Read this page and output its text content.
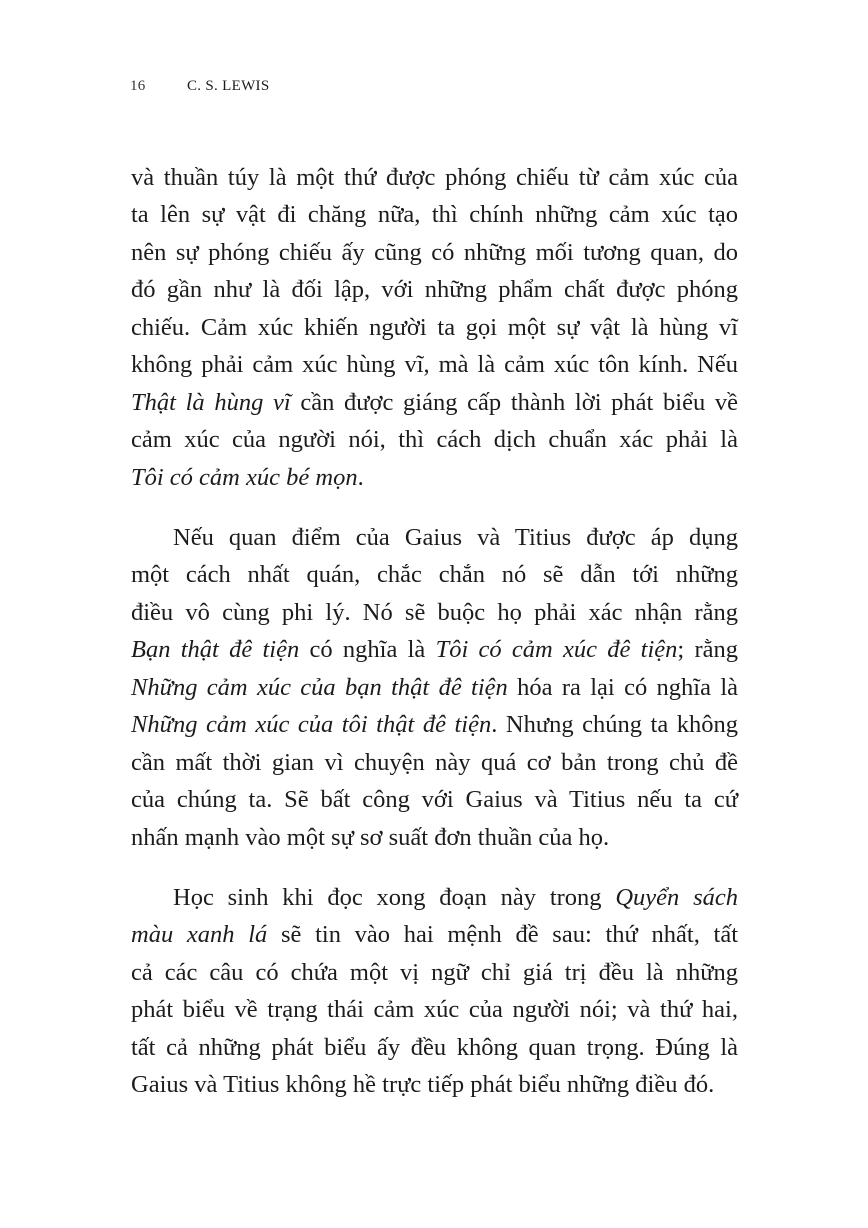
16	C. S. LEWIS
và thuần túy là một thứ được phóng chiếu từ cảm xúc của
ta lên sự vật đi chăng nữa, thì chính những cảm xúc tạo
nên sự phóng chiếu ấy cũng có những mối tương quan, do
đó gần như là đối lập, với những phẩm chất được phóng
chiếu. Cảm xúc khiến người ta gọi một sự vật là hùng vĩ
không phải cảm xúc hùng vĩ, mà là cảm xúc tôn kính. Nếu
Thật là hùng vĩ cần được giáng cấp thành lời phát biểu về
cảm xúc của người nói, thì cách dịch chuẩn xác phải là
Tôi có cảm xúc bé mọn.
Nếu quan điểm của Gaius và Titius được áp dụng
một cách nhất quán, chắc chắn nó sẽ dẫn tới những
điều vô cùng phi lý. Nó sẽ buộc họ phải xác nhận rằng
Bạn thật đê tiện có nghĩa là Tôi có cảm xúc đê tiện; rằng
Những cảm xúc của bạn thật đê tiện hóa ra lại có nghĩa là
Những cảm xúc của tôi thật đê tiện. Nhưng chúng ta không
cần mất thời gian vì chuyện này quá cơ bản trong chủ đề
của chúng ta. Sẽ bất công với Gaius và Titius nếu ta cứ
nhấn mạnh vào một sự sơ suất đơn thuần của họ.
Học sinh khi đọc xong đoạn này trong Quyển sách
màu xanh lá sẽ tin vào hai mệnh đề sau: thứ nhất, tất
cả các câu có chứa một vị ngữ chỉ giá trị đều là những
phát biểu về trạng thái cảm xúc của người nói; và thứ hai,
tất cả những phát biểu ấy đều không quan trọng. Đúng là
Gaius và Titius không hề trực tiếp phát biểu những điều đó.
